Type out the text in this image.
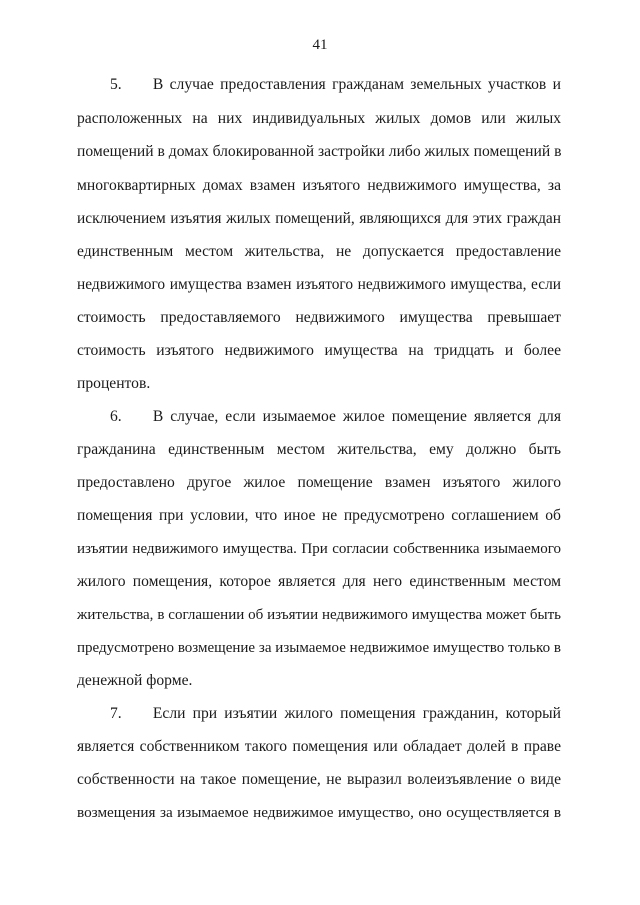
41
5.  В случае предоставления гражданам земельных участков и
расположенных на них индивидуальных жилых домов или жилых
помещений в домах блокированной застройки либо жилых помещений в
многоквартирных домах взамен изъятого недвижимого имущества, за
исключением изъятия жилых помещений, являющихся для этих граждан
единственным местом жительства, не допускается предоставление
недвижимого имущества взамен изъятого недвижимого имущества, если
стоимость предоставляемого недвижимого имущества превышает
стоимость изъятого недвижимого имущества на тридцать и более
процентов.
6.  В случае, если изымаемое жилое помещение является для
гражданина единственным местом жительства, ему должно быть
предоставлено другое жилое помещение взамен изъятого жилого
помещения при условии, что иное не предусмотрено соглашением об
изъятии недвижимого имущества. При согласии собственника изымаемого
жилого помещения, которое является для него единственным местом
жительства, в соглашении об изъятии недвижимого имущества может быть
предусмотрено возмещение за изымаемое недвижимое имущество только в
денежной форме.
7.  Если при изъятии жилого помещения гражданин, который
является собственником такого помещения или обладает долей в праве
собственности на такое помещение, не выразил волеизъявление о виде
возмещения за изымаемое недвижимое имущество, оно осуществляется в
